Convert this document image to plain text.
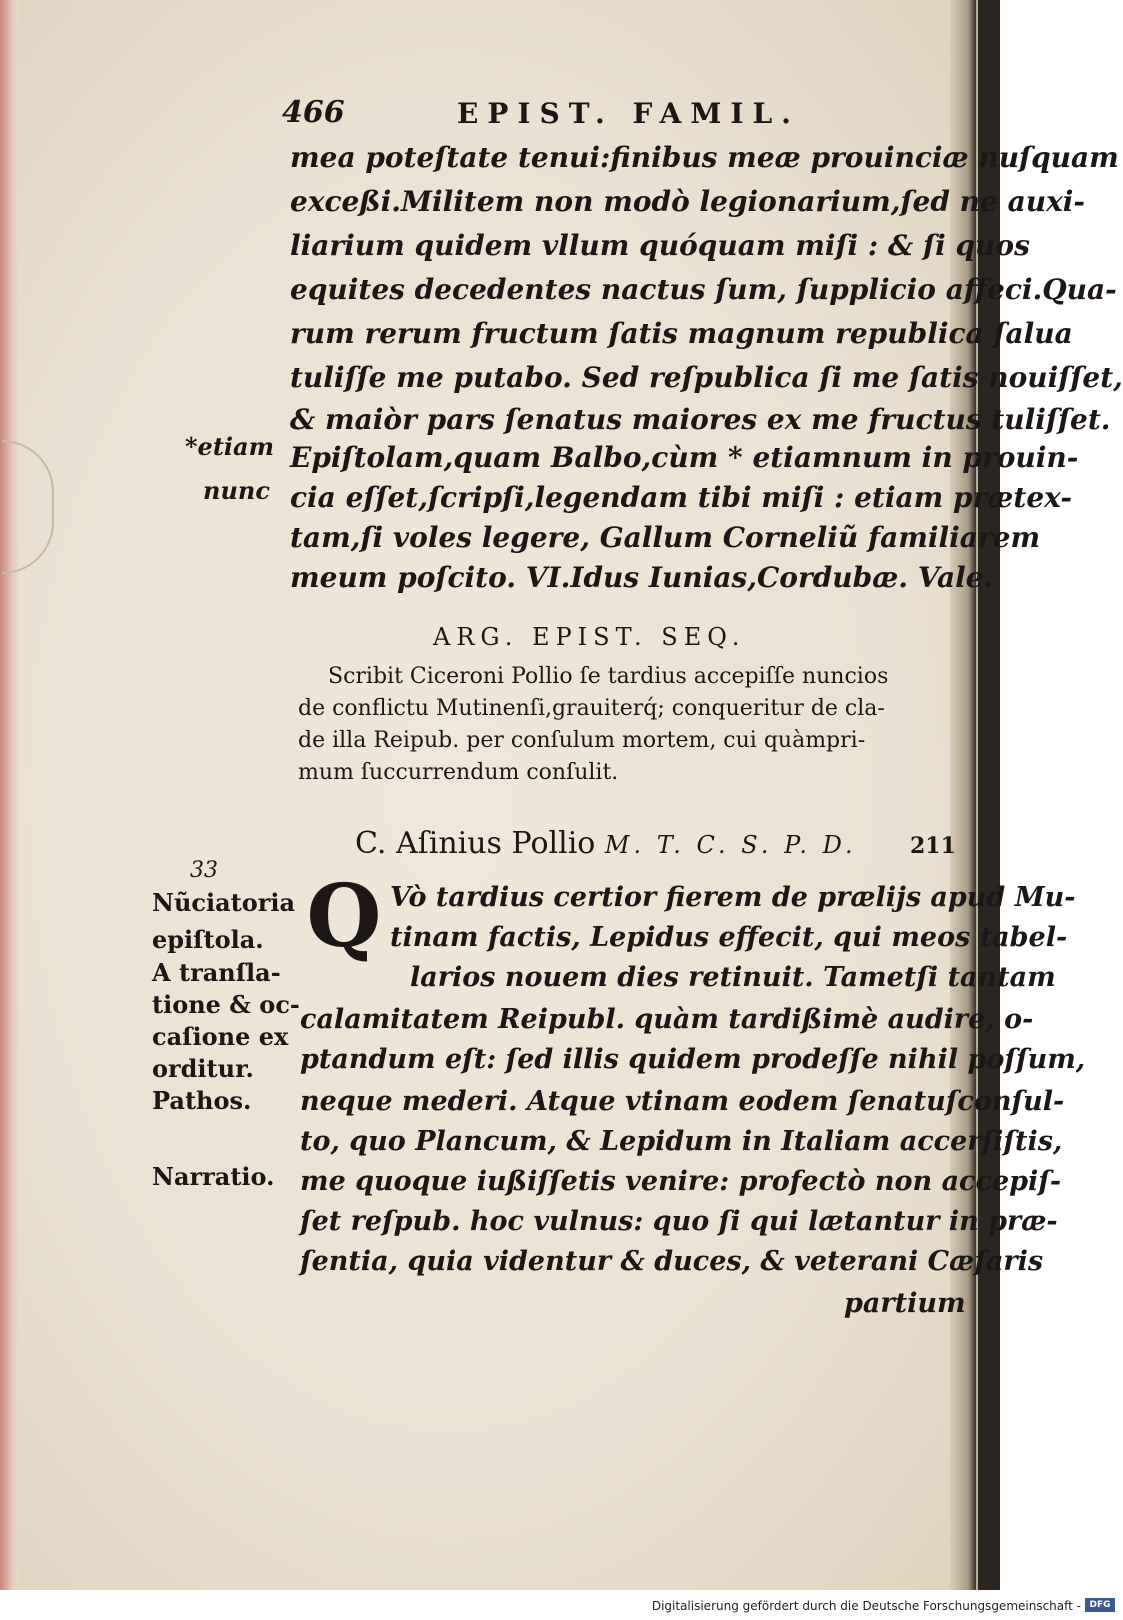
466	EPIST. FAMIL.
mea poteſtate tenui:finibus meæ prouinciæ nuſquam
exceßi.Militem non modò legionarium,ſed ne auxi-
liarium quidem vllum quóquam miſi : & ſi quos
equites decedentes nactus ſum, ſupplicio affeci.Qua-
rum rerum fructum ſatis magnum republica ſalua
tuliſſe me putabo. Sed reſpublica ſi me ſatis nouiſſet,
& maiòr pars ſenatus maiores ex me fructus tuliſſet.
Epiſtolam,quam Balbo,cùm * etiamnum in prouin-
cia eſſet,ſcripſi,legendam tibi miſi : etiam prætex-
tam,ſi voles legere, Gallum Corneliũ familiarem
meum poſcito. VI.Idus Iunias,Cordubæ. Vale.
*etiam
nunc
ARG. EPIST. SEQ.
Scribit Ciceroni Pollio ſe tardius accepiſſe nuncios
de conflictu Mutinenſi,grauiterq́; conqueritur de cla-
de illa Reipub. per conſulum mortem, cui quàmpri-
mum ſuccurrendum conſulit.
C. Aſinius Pollio M. T. C. S. P. D. 211
33
Nũciatoria
epiſtola.
A tranſla-
tione & oc-
caſione ex
orditur.
Pathos.
Narratio.
Q Vò tardius certior fierem de prælijs apud Mu-
tinam factis, Lepidus effecit, qui meos tabel-
larios nouem dies retinuit. Tametſi tantam
calamitatem Reipubl. quàm tardißimè audire, o-
ptandum eſt: ſed illis quidem prodeſſe nihil poſſum,
neque mederi. Atque vtinam eodem ſenatuſconſul-
to, quo Plancum, & Lepidum in Italiam accerſiſtis,
me quoque iußiſſetis venire: profectò non accepiſ-
ſet reſpub. hoc vulnus: quo ſi qui lætantur in præ-
ſentia, quia videntur & duces, & veterani Cæſaris
partium
Digitalisierung gefördert durch die Deutsche Forschungsgemeinschaft - DFG
